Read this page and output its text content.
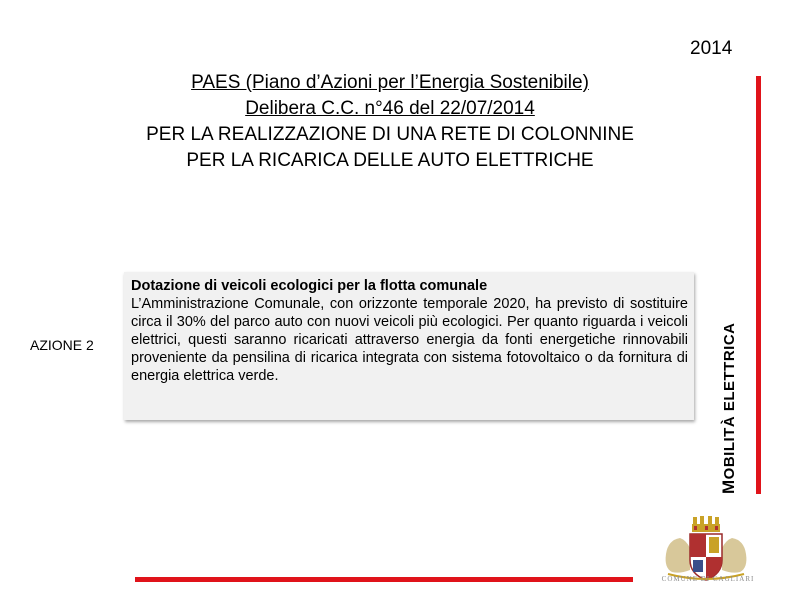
2014
PAES (Piano d’Azioni per l’Energia Sostenibile)
Delibera C.C. n°46 del 22/07/2014
PER LA REALIZZAZIONE DI UNA RETE DI COLONNINE
PER LA RICARICA DELLE AUTO ELETTRICHE
MOBILITÀ ELETTRICA
AZIONE 2
Dotazione di veicoli ecologici per la flotta comunale
L’Amministrazione Comunale, con orizzonte temporale 2020, ha previsto di sostituire circa il 30% del parco auto con nuovi veicoli più ecologici. Per quanto riguarda i veicoli elettrici, questi saranno ricaricati attraverso energia da fonti energetiche rinnovabili proveniente da pensilina di ricarica integrata con sistema fotovoltaico o da fornitura di energia elettrica verde.
COMUNE DI CAGLIARI
